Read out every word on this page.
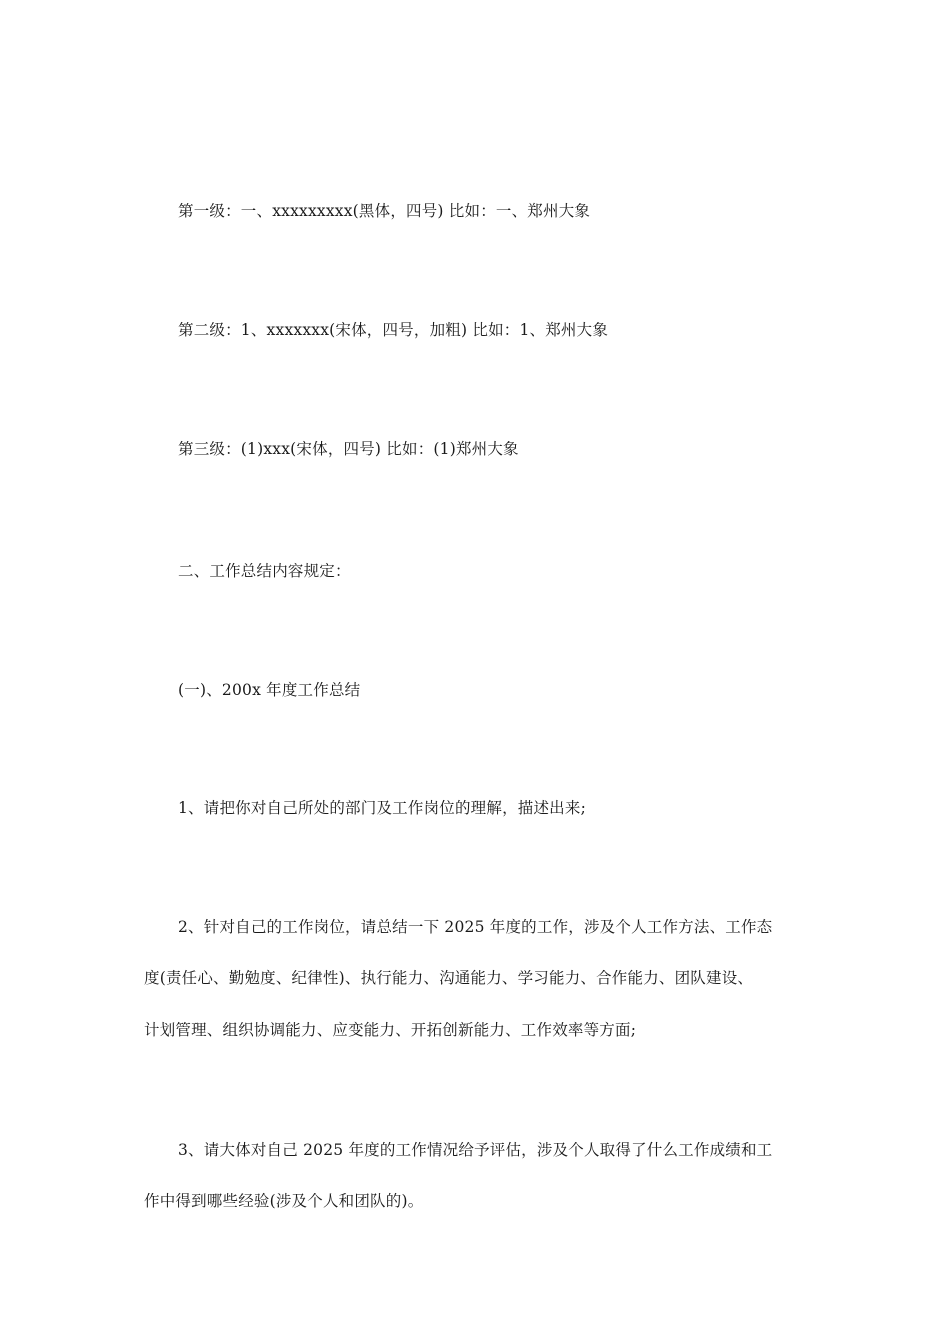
第一级：一、xxxxxxxxx(黑体，四号) 比如：一、郑州大象
第二级：1、xxxxxxx(宋体，四号，加粗) 比如：1、郑州大象
第三级：(1)xxx(宋体，四号) 比如：(1)郑州大象
二、工作总结内容规定：
(一)、200x 年度工作总结
1、请把你对自己所处的部门及工作岗位的理解，描述出来;
2、针对自己的工作岗位，请总结一下 2025 年度的工作，涉及个人工作方法、工作态
度(责任心、勤勉度、纪律性)、执行能力、沟通能力、学习能力、合作能力、团队建设、
计划管理、组织协调能力、应变能力、开拓创新能力、工作效率等方面;
3、请大体对自己 2025 年度的工作情况给予评估，涉及个人取得了什么工作成绩和工
作中得到哪些经验(涉及个人和团队的)。
